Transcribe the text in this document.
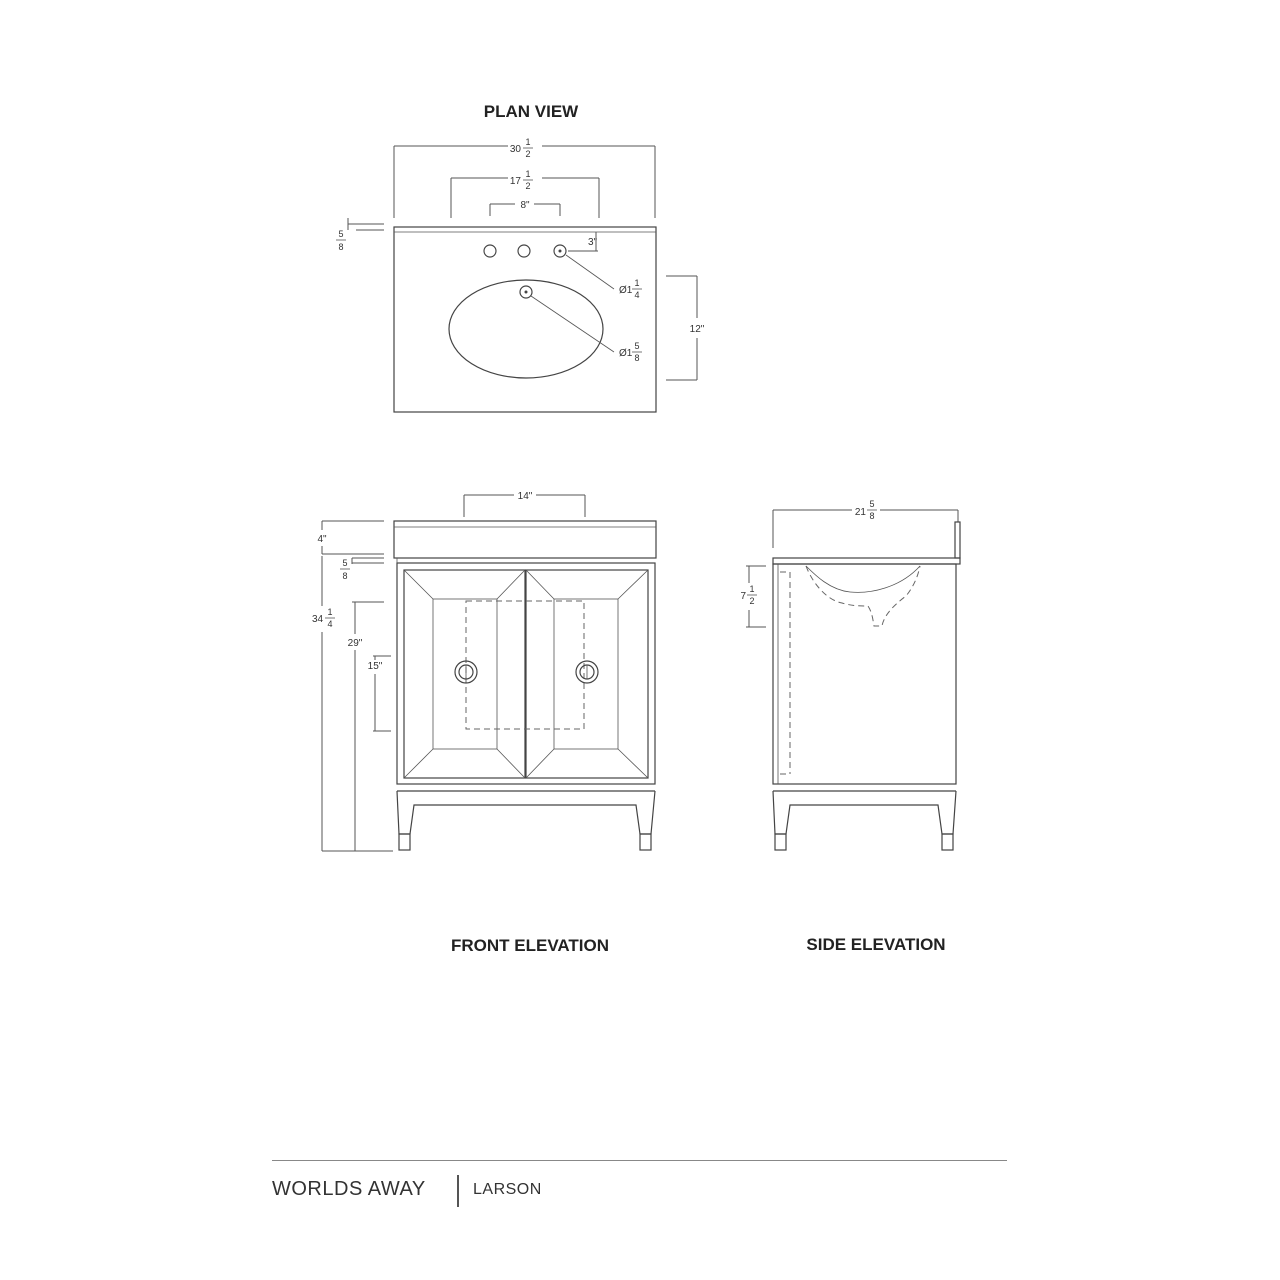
PLAN VIEW
30
1
2
17
1
2
8"
5
8	3"
Ø1
1
4
Ø1
5
8
12"
14"
4"
5
8
34
1
4
29"
15"
FRONT ELEVATION
21
5
8
7
1
2
SIDE ELEVATION
WORLDS AWAY	LARSON
